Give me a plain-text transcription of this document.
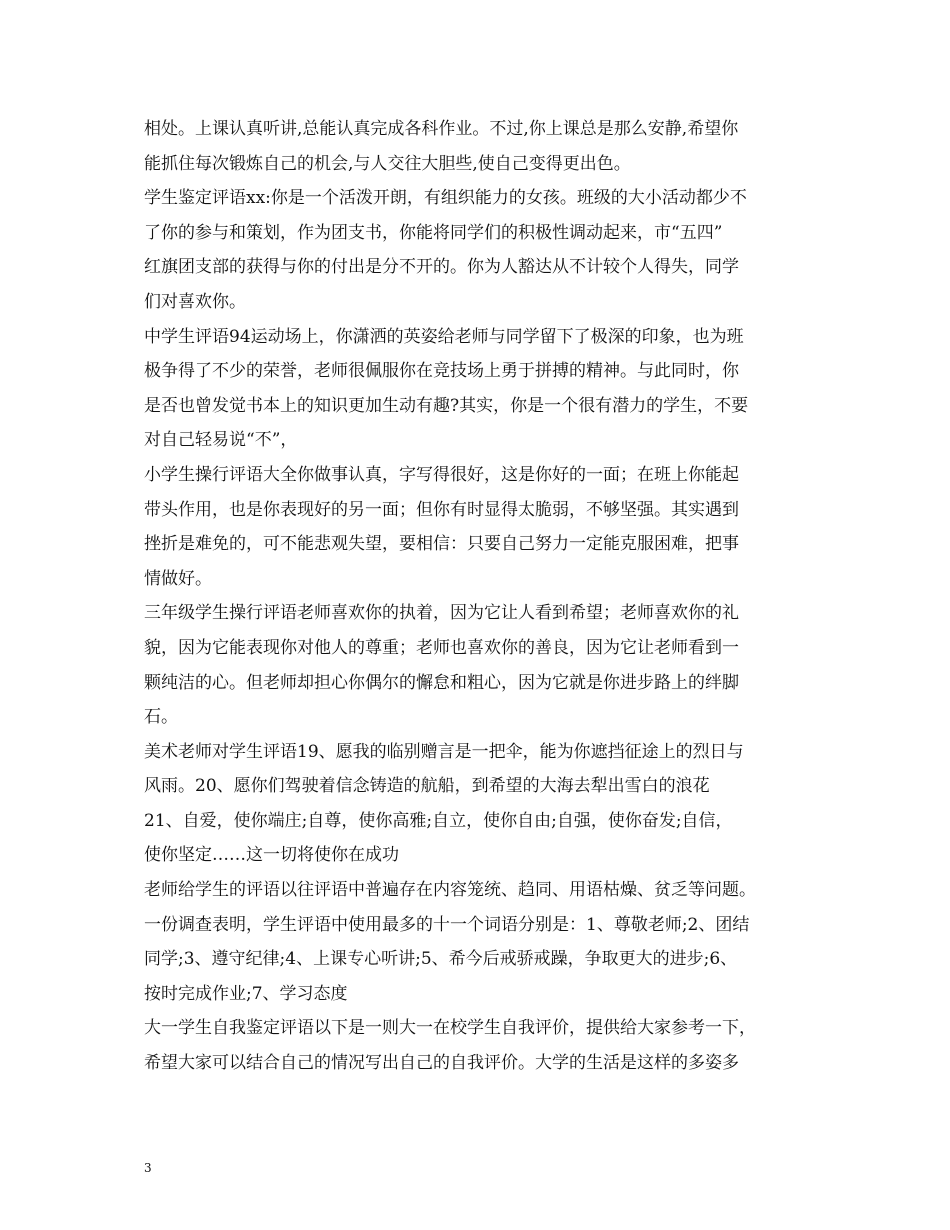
相处。上课认真听讲,总能认真完成各科作业。不过,你上课总是那么安静,希望你
能抓住每次锻炼自己的机会,与人交往大胆些,使自己变得更出色。
学生鉴定评语xx:你是一个活泼开朗，有组织能力的女孩。班级的大小活动都少不
了你的参与和策划，作为团支书，你能将同学们的积极性调动起来，市“五四”
红旗团支部的获得与你的付出是分不开的。你为人豁达从不计较个人得失，同学
们对喜欢你。
中学生评语94运动场上，你潇洒的英姿给老师与同学留下了极深的印象，也为班
极争得了不少的荣誉，老师很佩服你在竞技场上勇于拼搏的精神。与此同时，你
是否也曾发觉书本上的知识更加生动有趣?其实，你是一个很有潜力的学生，不要
对自己轻易说“不”，
小学生操行评语大全你做事认真，字写得很好，这是你好的一面；在班上你能起
带头作用，也是你表现好的另一面；但你有时显得太脆弱，不够坚强。其实遇到
挫折是难免的，可不能悲观失望，要相信：只要自己努力一定能克服困难，把事
情做好。
三年级学生操行评语老师喜欢你的执着，因为它让人看到希望；老师喜欢你的礼
貌，因为它能表现你对他人的尊重；老师也喜欢你的善良，因为它让老师看到一
颗纯洁的心。但老师却担心你偶尔的懈怠和粗心，因为它就是你进步路上的绊脚
石。
美术老师对学生评语19、愿我的临别赠言是一把伞，能为你遮挡征途上的烈日与
风雨。20、愿你们驾驶着信念铸造的航船，到希望的大海去犁出雪白的浪花
21、自爱，使你端庄;自尊，使你高雅;自立，使你自由;自强，使你奋发;自信，
使你坚定……这一切将使你在成功
老师给学生的评语以往评语中普遍存在内容笼统、趋同、用语枯燥、贫乏等问题。
一份调查表明，学生评语中使用最多的十一个词语分别是：1、尊敬老师;2、团结
同学;3、遵守纪律;4、上课专心听讲;5、希今后戒骄戒躁，争取更大的进步;6、
按时完成作业;7、学习态度
大一学生自我鉴定评语以下是一则大一在校学生自我评价，提供给大家参考一下，
希望大家可以结合自己的情况写出自己的自我评价。大学的生活是这样的多姿多
3
